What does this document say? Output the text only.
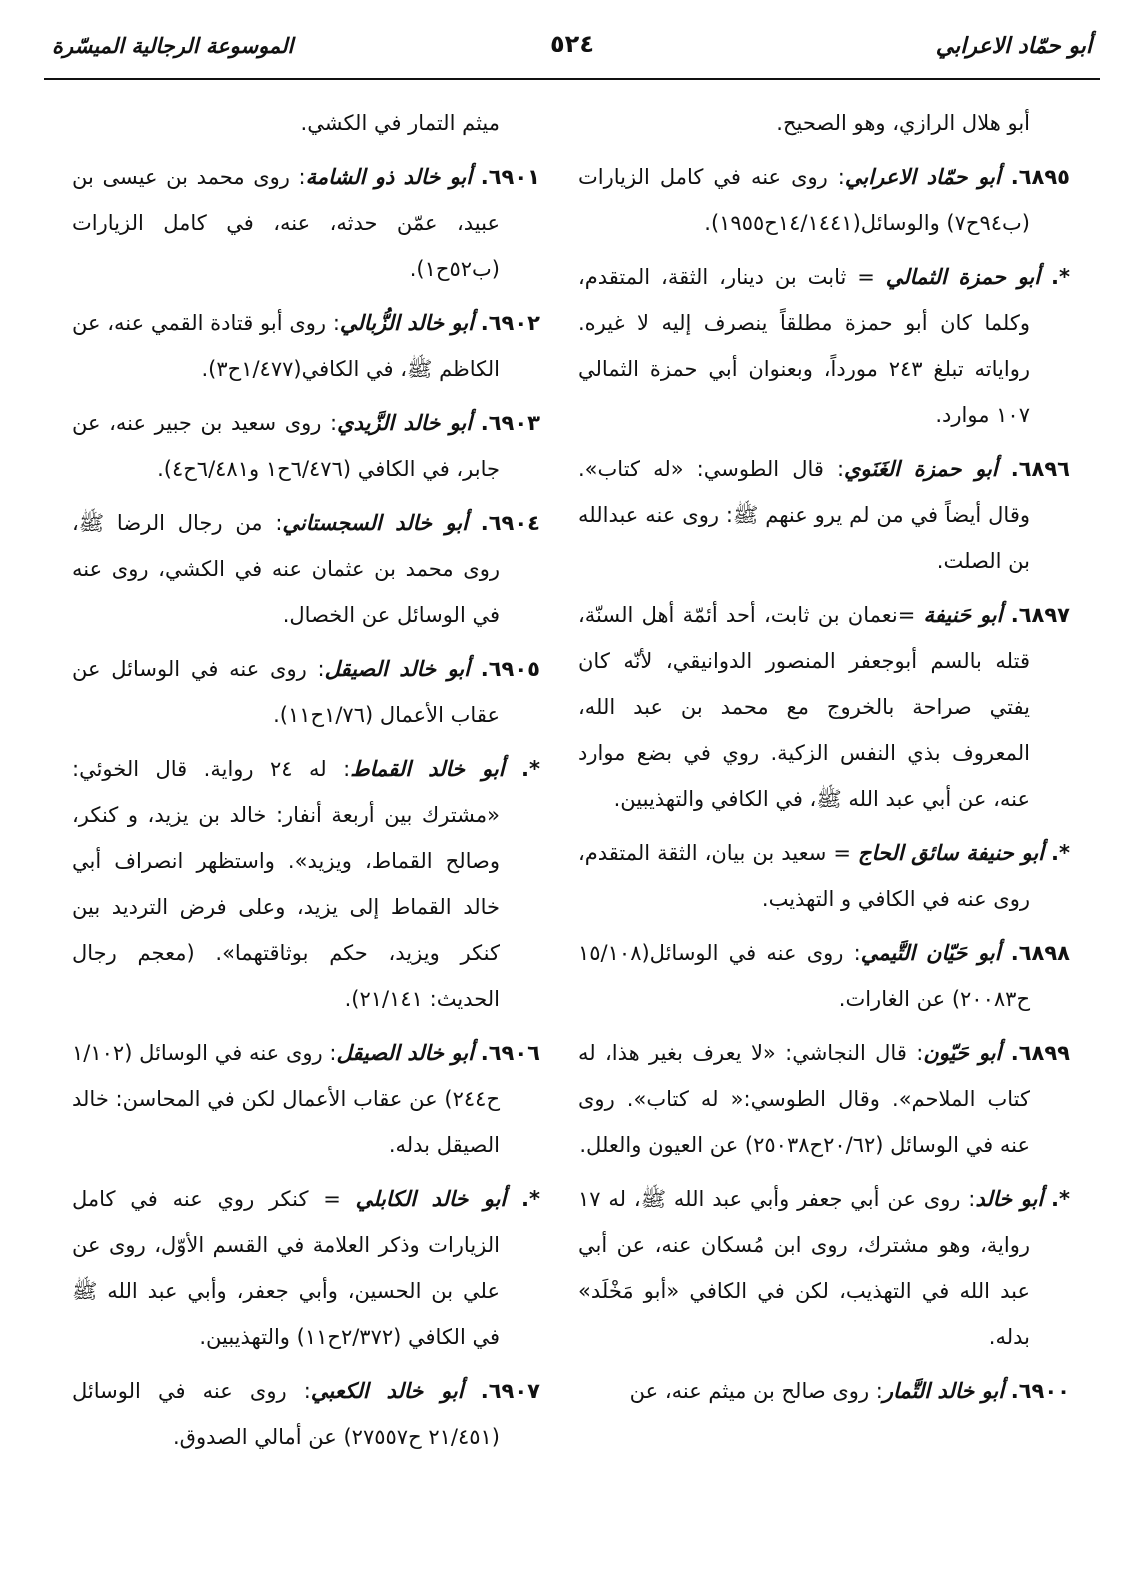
أبو حمّاد الاعرابي
٥٢٤
الموسوعة الرجالية الميسّرة
أبو هلال الرازي، وهو الصحيح.
٦٨٩٥. أبو حمّاد الاعرابي: روى عنه في كامل الزيارات (ب٩٤ح٧) والوسائل(١٤/١٤٤١ح١٩٥٥).
*. أبو حمزة الثمالي = ثابت بن دينار، الثقة، المتقدم، وكلما كان أبو حمزة مطلقاً ينصرف إليه لا غيره. رواياته تبلغ ٢٤٣ مورداً، وبعنوان أبي حمزة الثمالي ١٠٧ موارد.
٦٨٩٦. أبو حمزة الغَنَوي: قال الطوسي: «له كتاب». وقال أيضاً في من لم يرو عنهم ﷺ: روى عنه عبدالله بن الصلت.
٦٨٩٧. أبو حَنيفة =نعمان بن ثابت، أحد أئمّة أهل السنّة، قتله بالسم أبوجعفر المنصور الدوانيقي، لأنّه كان يفتي صراحة بالخروج مع محمد بن عبد الله، المعروف بذي النفس الزكية. روي في بضع موارد عنه، عن أبي عبد الله ﷺ، في الكافي والتهذيبين.
*. أبو حنيفة سائق الحاج = سعيد بن بيان، الثقة المتقدم، روى عنه في الكافي و التهذيب.
٦٨٩٨. أبو حَيّان التَّيمي: روى عنه في الوسائل(١٥/١٠٨ ح٢٠٠٨٣) عن الغارات.
٦٨٩٩. أبو حَيّون: قال النجاشي: «لا يعرف بغير هذا، له كتاب الملاحم». وقال الطوسي:« له كتاب». روى عنه في الوسائل (٢٠/٦٢ح٢٥٠٣٨) عن العيون والعلل.
*. أبو خالد: روى عن أبي جعفر وأبي عبد الله ﷺ، له ١٧ رواية، وهو مشترك، روى ابن مُسكان عنه، عن أبي عبد الله في التهذيب، لكن في الكافي «أبو مَخْلَد» بدله.
٦٩٠٠. أبو خالد التَّمار: روى صالح بن ميثم عنه، عن
ميثم التمار في الكشي.
٦٩٠١. أبو خالد ذو الشامة: روى محمد بن عيسى بن عبيد، عمّن حدثه، عنه، في كامل الزيارات (ب٥٢ح١).
٦٩٠٢. أبو خالد الزُّبالي: روى أبو قتادة القمي عنه، عن الكاظم ﷺ، في الكافي(١/٤٧٧ح٣).
٦٩٠٣. أبو خالد الزَّيدي: روى سعيد بن جبير عنه، عن جابر، في الكافي (٦/٤٧٦ح١ و٦/٤٨١ح٤).
٦٩٠٤. أبو خالد السجستاني: من رجال الرضا ﷺ، روى محمد بن عثمان عنه في الكشي، روى عنه في الوسائل عن الخصال.
٦٩٠٥. أبو خالد الصيقل: روى عنه في الوسائل عن عقاب الأعمال (١/٧٦ح١١).
*. أبو خالد القماط: له ٢٤ رواية. قال الخوئي: «مشترك بين أربعة أنفار: خالد بن يزيد، و كنكر، وصالح القماط، ويزيد». واستظهر انصراف أبي خالد القماط إلى يزيد، وعلى فرض الترديد بين كنكر ويزيد، حكم بوثاقتهما». (معجم رجال الحديث: ٢١/١٤١).
٦٩٠٦. أبو خالد الصيقل: روى عنه في الوسائل (١/١٠٢ ح٢٤٤) عن عقاب الأعمال لكن في المحاسن: خالد الصيقل بدله.
*. أبو خالد الكابلي = كنكر روي عنه في كامل الزيارات وذكر العلامة في القسم الأوّل، روى عن علي بن الحسين، وأبي جعفر، وأبي عبد الله ﷺ في الكافي (٢/٣٧٢ح١١) والتهذيبين.
٦٩٠٧. أبو خالد الكعبي: روى عنه في الوسائل (٢١/٤٥١ ح٢٧٥٥٧) عن أمالي الصدوق.
